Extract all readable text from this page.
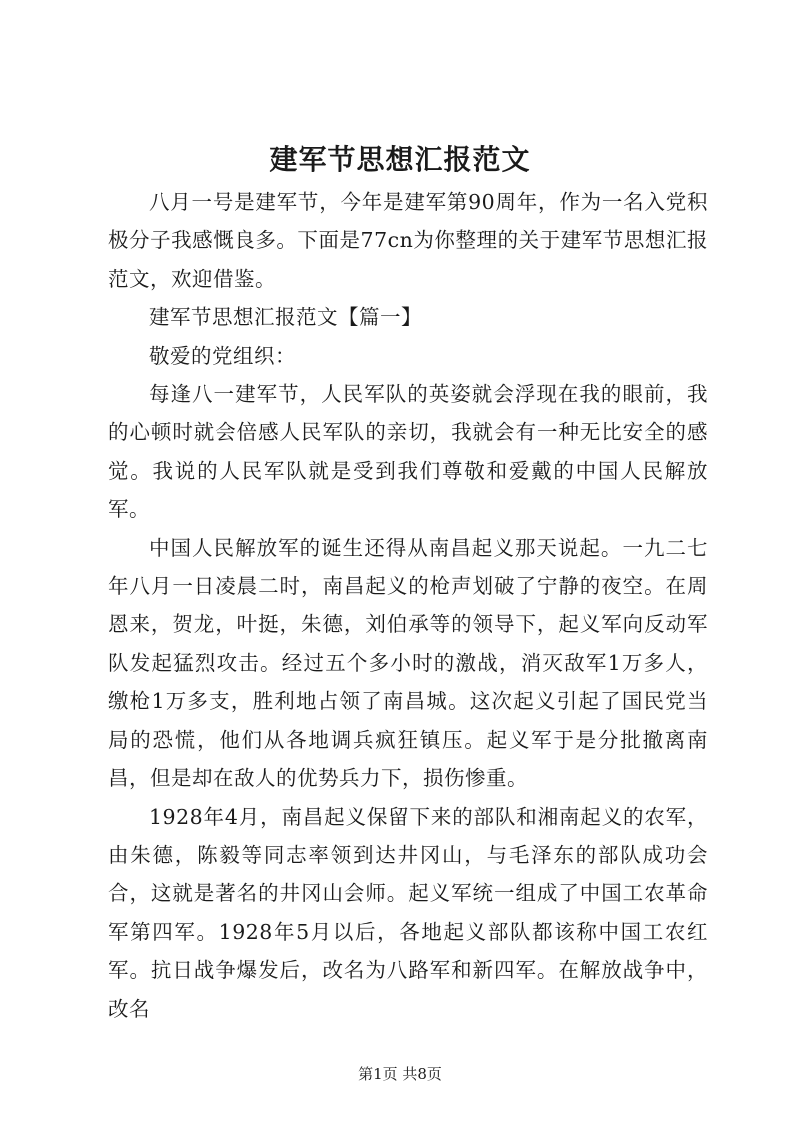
建军节思想汇报范文

八月一号是建军节，今年是建军第90周年，作为一名入党积极分子我感慨良多。下面是77cn为你整理的关于建军节思想汇报范文，欢迎借鉴。

建军节思想汇报范文【篇一】

敬爱的党组织：

每逢八一建军节，人民军队的英姿就会浮现在我的眼前，我的心顿时就会倍感人民军队的亲切，我就会有一种无比安全的感觉。我说的人民军队就是受到我们尊敬和爱戴的中国人民解放军。

中国人民解放军的诞生还得从南昌起义那天说起。一九二七年八月一日凌晨二时，南昌起义的枪声划破了宁静的夜空。在周恩来，贺龙，叶挺，朱德，刘伯承等的领导下，起义军向反动军队发起猛烈攻击。经过五个多小时的激战，消灭敌军1万多人，缴枪1万多支，胜利地占领了南昌城。这次起义引起了国民党当局的恐慌，他们从各地调兵疯狂镇压。起义军于是分批撤离南昌，但是却在敌人的优势兵力下，损伤惨重。

1928年4月，南昌起义保留下来的部队和湘南起义的农军，由朱德，陈毅等同志率领到达井冈山，与毛泽东的部队成功会合，这就是著名的井冈山会师。起义军统一组成了中国工农革命军第四军。1928年5月以后，各地起义部队都该称中国工农红军。抗日战争爆发后，改名为八路军和新四军。在解放战争中，改名

第1页 共8页
